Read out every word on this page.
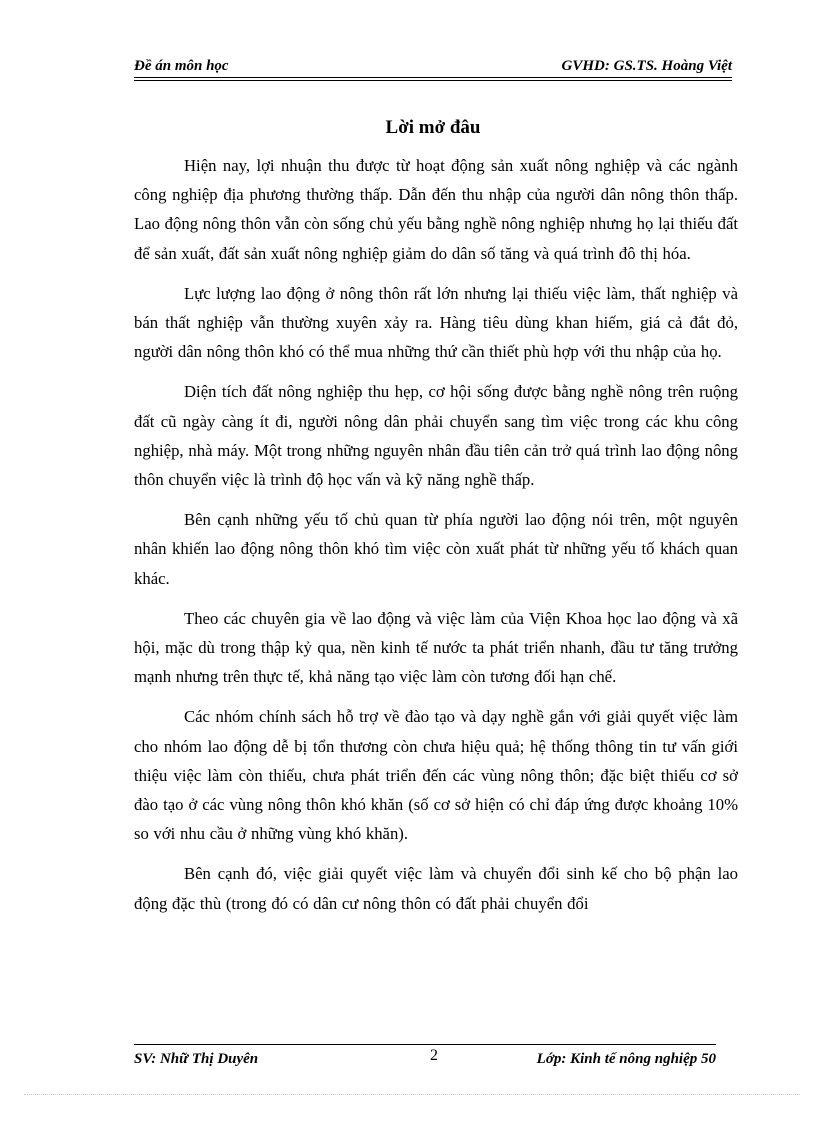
Đề án môn học	GVHD: GS.TS. Hoàng Việt
Lời mở đâu

Hiện nay, lợi nhuận thu được từ hoạt động sản xuất nông nghiệp và các ngành công nghiệp địa phương thường thấp. Dẫn đến thu nhập của người dân nông thôn thấp. Lao động nông thôn vẫn còn sống chủ yếu bằng nghề nông nghiệp nhưng họ lại thiếu đất để sản xuất, đất sản xuất nông nghiệp giảm do dân số tăng và quá trình đô thị hóa.

Lực lượng lao động ở nông thôn rất lớn nhưng lại thiếu việc làm, thất nghiệp và bán thất nghiệp vẫn thường xuyên xảy ra. Hàng tiêu dùng khan hiếm, giá cả đắt đỏ, người dân nông thôn khó có thể mua những thứ cần thiết phù hợp với thu nhập của họ.

Diện tích đất nông nghiệp thu hẹp, cơ hội sống được bằng nghề nông trên ruộng đất cũ ngày càng ít đi, người nông dân phải chuyển sang tìm việc trong các khu công nghiệp, nhà máy. Một trong những nguyên nhân đầu tiên cản trở quá trình lao động nông thôn chuyển việc là trình độ học vấn và kỹ năng nghề thấp.

Bên cạnh những yếu tố chủ quan từ phía người lao động nói trên, một nguyên nhân khiến lao động nông thôn khó tìm việc còn xuất phát từ những yếu tố khách quan khác.

Theo các chuyên gia về lao động và việc làm của Viện Khoa học lao động và xã hội, mặc dù trong thập kỷ qua, nền kinh tế nước ta phát triển nhanh, đầu tư tăng trưởng mạnh nhưng trên thực tế, khả năng tạo việc làm còn tương đối hạn chế.

Các nhóm chính sách hỗ trợ về đào tạo và dạy nghề gắn với giải quyết việc làm cho nhóm lao động dễ bị tổn thương còn chưa hiệu quả; hệ thống thông tin tư vấn giới thiệu việc làm còn thiếu, chưa phát triển đến các vùng nông thôn; đặc biệt thiếu cơ sở đào tạo ở các vùng nông thôn khó khăn (số cơ sở hiện có chỉ đáp ứng được khoảng 10% so với nhu cầu ở những vùng khó khăn).

Bên cạnh đó, việc giải quyết việc làm và chuyển đổi sinh kế cho bộ phận lao động đặc thù (trong đó có dân cư nông thôn có đất phải chuyển đổi

SV: Nhữ Thị Duyên	2	Lớp: Kinh tế nông nghiệp 50
